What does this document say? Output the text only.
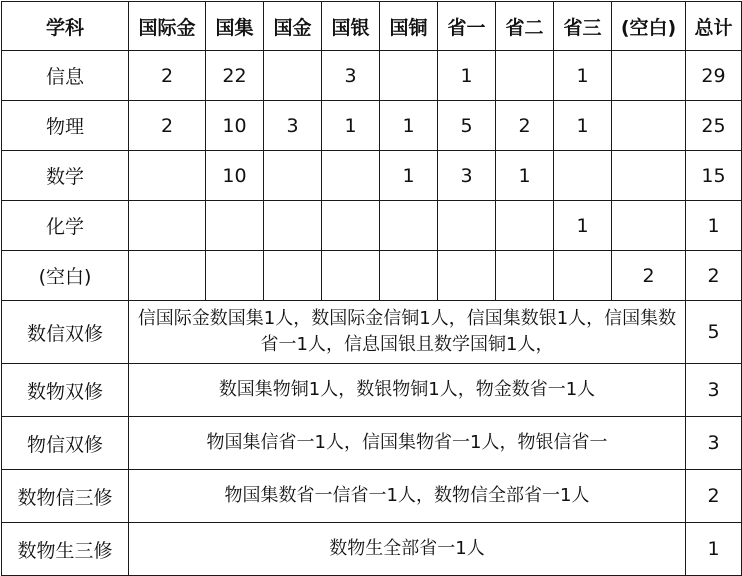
学科	国际金	国集	国金	国银	国铜	省一	省二	省三	(空白)	总计
信息	2	22		3		1		1		29
物理	2	10	3	1	1	5	2	1		25
数学		10			1	3	1			15
化学								1		1
(空白)									2	2
数信双修	信国际金数国集1人，数国际金信铜1人，信国集数银1人，信国集数省一1人，信息国银且数学国铜1人，									5
数物双修	数国集物铜1人，数银物铜1人，物金数省一1人									3
物信双修	物国集信省一1人，信国集物省一1人，物银信省一									3
数物信三修	物国集数省一信省一1人，数物信全部省一1人									2
数物生三修	数物生全部省一1人									1
